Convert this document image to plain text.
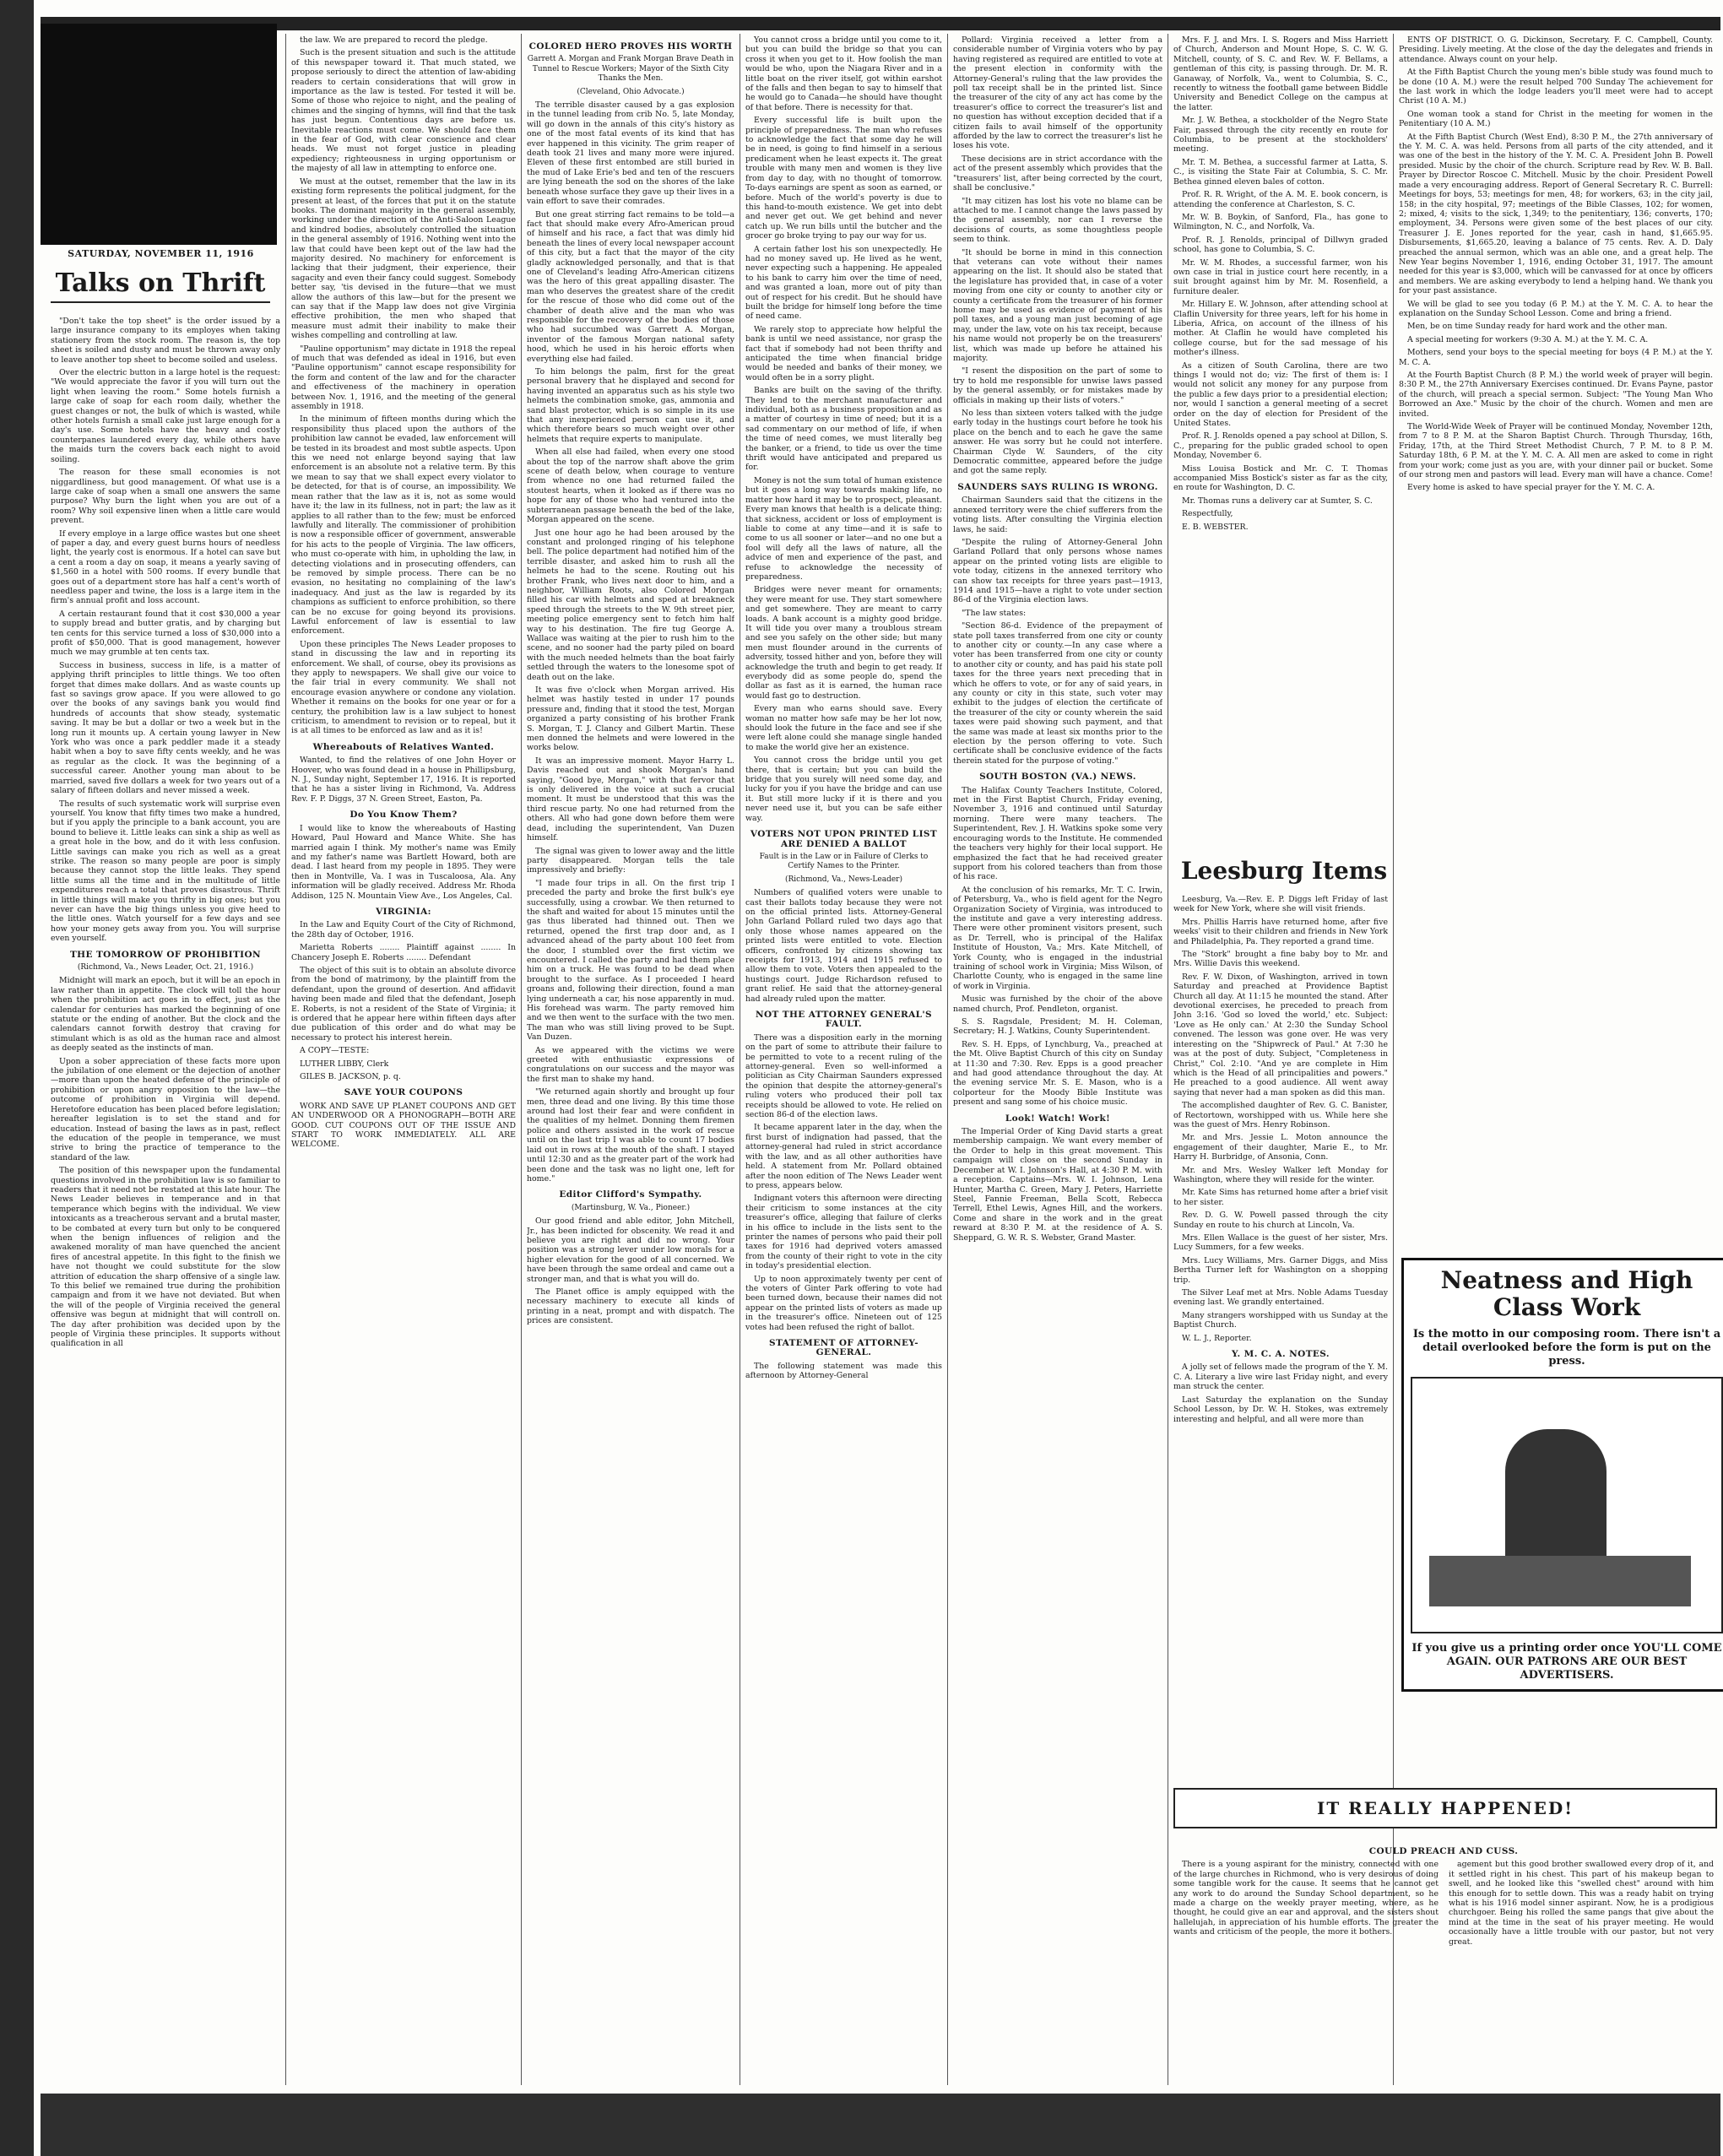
SATURDAY, NOVEMBER 11, 1916
Talks on Thrift

"Don't take the top sheet" is the order issued by a large insurance company to its employes when taking stationery from the stock room. The reason is, the top sheet is soiled and dusty and must be thrown away only to leave another top sheet to become soiled and useless.

Over the electric button in a large hotel is the request: "We would appreciate the favor if you will turn out the light when leaving the room." Some hotels furnish a large cake of soap for each room daily, whether the guest changes or not, the bulk of which is wasted, while other hotels furnish a small cake just large enough for a day's use. Some hotels have the heavy and costly counterpanes laundered every day, while others have the maids turn the covers back each night to avoid soiling.

The reason for these small economies is not niggardliness, but good management. Of what use is a large cake of soap when a small one answers the same purpose? Why burn the light when you are out of a room? Why soil expensive linen when a little care would prevent.

If every employe in a large office wastes but one sheet of paper a day, and every guest burns hours of needless light, the yearly cost is enormous. If a hotel can save but a cent a room a day on soap, it means a yearly saving of $1,560 in a hotel with 500 rooms. If every bundle that goes out of a department store has half a cent's worth of needless paper and twine, the loss is a large item in the firm's annual profit and loss account.

A certain restaurant found that it cost $30,000 a year to supply bread and butter gratis, and by charging but ten cents for this service turned a loss of $30,000 into a profit of $50,000. That is good management, however much we may grumble at ten cents tax.

Success in business, success in life, is a matter of applying thrift principles to little things. We too often forget that dimes make dollars. And as waste counts up fast so savings grow apace. If you were allowed to go over the books of any savings bank you would find hundreds of accounts that show steady, systematic saving. It may be but a dollar or two a week but in the long run it mounts up. A certain young lawyer in New York who was once a park peddler made it a steady habit when a boy to save fifty cents weekly, and he was as regular as the clock. It was the beginning of a successful career. Another young man about to be married, saved five dollars a week for two years out of a salary of fifteen dollars and never missed a week.

The results of such systematic work will surprise even yourself. You know that fifty times two make a hundred, but if you apply the principle to a bank account, you are bound to believe it. Little leaks can sink a ship as well as a great hole in the bow, and do it with less confusion. Little savings can make you rich as well as a great strike. The reason so many people are poor is simply because they cannot stop the little leaks. They spend little sums all the time and in the multitude of little expenditures reach a total that proves disastrous. Thrift in little things will make you thrifty in big ones; but you never can have the big things unless you give heed to the little ones. Watch yourself for a few days and see how your money gets away from you. You will surprise even yourself.

THE TOMORROW OF PROHIBITION
(Richmond, Va., News Leader, Oct. 21, 1916.)

Midnight will mark an epoch, but it will be an epoch in law rather than in appetite. The clock will toll the hour when the prohibition act goes in to effect, just as the calendar for centuries has marked the beginning of one statute or the ending of another. But the clock and the calendars cannot forwith destroy that craving for stimulant which is as old as the human race and almost as deeply seated as the instincts of man.

Upon a sober appreciation of these facts more upon the jubilation of one element or the dejection of another—more than upon the heated defense of the principle of prohibition or upon angry opposition to the law—the outcome of prohibition in Virginia will depend. Heretofore education has been placed before legislation; hereafter legislation is to set the stand and for education. Instead of basing the laws as in past, reflect the education of the people in temperance, we must strive to bring the practice of temperance to the standard of the law.

The position of this newspaper upon the fundamental questions involved in the prohibition law is so familiar to readers that it need not be restated at this late hour. The News Leader believes in temperance and in that temperance which begins with the individual. We view intoxicants as a treacherous servant and a brutal master, to be combated at every turn but only to be conquered when the benign influences of religion and the awakened morality of man have quenched the ancient fires of ancestral appetite. In this fight to the finish we have not thought we could substitute for the slow attrition of education the sharp offensive of a single law. To this belief we remained true during the prohibition campaign and from it we have not deviated. But when the will of the people of Virginia received the general offensive was begun at midnight that will controll on. The day after prohibition was decided upon by the people of Virginia these principles. It supports without qualification in all

the law. We are prepared to record the pledge.

Such is the present situation and such is the attitude of this newspaper toward it. That much stated, we propose seriously to direct the attention of law-abiding readers to certain considerations that will grow in importance as the law is tested. For tested it will be. Some of those who rejoice to night, and the pealing of chimes and the singing of hymns, will find that the task has just begun. Contentious days are before us. Inevitable reactions must come. We should face them in the fear of God, with clear conscience and clear heads. We must not forget justice in pleading expediency; righteousness in urging opportunism or the majesty of all law in attempting to enforce one.

We must at the outset, remember that the law in its existing form represents the political judgment, for the present at least, of the forces that put it on the statute books. The dominant majority in the general assembly, working under the direction of the Anti-Saloon League and kindred bodies, absolutely controlled the situation in the general assembly of 1916. Nothing went into the law that could have been kept out of the law had the majority desired. No machinery for enforcement is lacking that their judgment, their experience, their sagacity and even their fancy could suggest. Somebody better say, 'tis devised in the future—that we must allow the authors of this law—but for the present we can say that if the Mapp law does not give Virginia effective prohibition, the men who shaped that measure must admit their inability to make their wishes compelling and controlling at law.

"Pauline opportunism" may dictate in 1918 the repeal of much that was defended as ideal in 1916, but even "Pauline opportunism" cannot escape responsibility for the form and content of the law and for the character and effectiveness of the machinery in operation between Nov. 1, 1916, and the meeting of the general assembly in 1918.

In the minimum of fifteen months during which the responsibility thus placed upon the authors of the prohibition law cannot be evaded, law enforcement will be tested in its broadest and most subtle aspects. Upon this we need not enlarge beyond saying that law enforcement is an absolute not a relative term. By this we mean to say that we shall expect every violator to be detected, for that is of course, an impossibility. We mean rather that the law as it is, not as some would have it; the law in its fullness, not in part; the law as it applies to all rather than to the few; must be enforced lawfully and literally. The commissioner of prohibition is now a responsible officer of government, answerable for his acts to the people of Virginia. The law officers, who must co-operate with him, in upholding the law, in detecting violations and in prosecuting offenders, can be removed by simple process. There can be no evasion, no hesitating no complaining of the law's inadequacy. And just as the law is regarded by its champions as sufficient to enforce prohibition, so there can be no excuse for going beyond its provisions. Lawful enforcement of law is essential to law enforcement.

Upon these principles The News Leader proposes to stand in discussing the law and in reporting its enforcement. We shall, of course, obey its provisions as they apply to newspapers. We shall give our voice to the fair trial in every community. We shall not encourage evasion anywhere or condone any violation. Whether it remains on the books for one year or for a century, the prohibition law is a law subject to honest criticism, to amendment to revision or to repeal, but it is at all times to be enforced as law and as it is!

Whereabouts of Relatives Wanted.

Wanted, to find the relatives of one John Hoyer or Hoover, who was found dead in a house in Phillipsburg, N. J., Sunday night, September 17, 1916. It is reported that he has a sister living in Richmond, Va. Address Rev. F. P. Diggs, 37 N. Green Street, Easton, Pa.

Do You Know Them?

I would like to know the whereabouts of Hasting Howard, Paul Howard and Mance White. She has married again I think. My mother's name was Emily and my father's name was Bartlett Howard, both are dead. I last heard from my people in 1895. They were then in Montville, Va. I was in Tuscaloosa, Ala. Any information will be gladly received. Address Mr. Rhoda Addison, 125 N. Mountain View Ave., Los Angeles, Cal.

VIRGINIA:

In the Law and Equity Court of the City of Richmond, the 28th day of October, 1916.

Marietta Roberts ........ Plaintiff against ........ In Chancery Joseph E. Roberts ........ Defendant

The object of this suit is to obtain an absolute divorce from the bond of matrimony, by the plaintiff from the defendant, upon the ground of desertion. And affidavit having been made and filed that the defendant, Joseph E. Roberts, is not a resident of the State of Virginia; it is ordered that he appear here within fifteen days after due publication of this order and do what may be necessary to protect his interest herein.

A COPY—TESTE:

LUTHER LIBBY, Clerk

GILES B. JACKSON, p. q.

SAVE YOUR COUPONS

WORK AND SAVE UP PLANET COUPONS AND GET AN UNDERWOOD OR A PHONOGRAPH—BOTH ARE GOOD. CUT COUPONS OUT OF THE ISSUE AND START TO WORK IMMEDIATELY. ALL ARE WELCOME.

COLORED HERO PROVES HIS WORTH
Garrett A. Morgan and Frank Morgan Brave Death in Tunnel to Rescue Workers; Mayor of the Sixth City Thanks the Men.
(Cleveland, Ohio Advocate.)

The terrible disaster caused by a gas explosion in the tunnel leading from crib No. 5, late Monday, will go down in the annals of this city's history as one of the most fatal events of its kind that has ever happened in this vicinity. The grim reaper of death took 21 lives and many more were injured. Eleven of these first entombed are still buried in the mud of Lake Erie's bed and ten of the rescuers are lying beneath the sod on the shores of the lake beneath whose surface they gave up their lives in a vain effort to save their comrades.

But one great stirring fact remains to be told—a fact that should make every Afro-American proud of himself and his race, a fact that was dimly hid beneath the lines of every local newspaper account of this city, but a fact that the mayor of the city gladly acknowledged personally, and that is that one of Cleveland's leading Afro-American citizens was the hero of this great appalling disaster. The man who deserves the greatest share of the credit for the rescue of those who did come out of the chamber of death alive and the man who was responsible for the recovery of the bodies of those who had succumbed was Garrett A. Morgan, inventor of the famous Morgan national safety hood, which he used in his heroic efforts when everything else had failed.

To him belongs the palm, first for the great personal bravery that he displayed and second for having invented an apparatus such as his style two helmets the combination smoke, gas, ammonia and sand blast protector, which is so simple in its use that any inexperienced person can use it, and which therefore bears so much weight over other helmets that require experts to manipulate.

When all else had failed, when every one stood about the top of the narrow shaft above the grim scene of death below, when courage to venture from whence no one had returned failed the stoutest hearts, when it looked as if there was no hope for any of those who had ventured into the subterranean passage beneath the bed of the lake, Morgan appeared on the scene.

Just one hour ago he had been aroused by the constant and prolonged ringing of his telephone bell. The police department had notified him of the terrible disaster, and asked him to rush all the helmets he had to the scene. Routing out his brother Frank, who lives next door to him, and a neighbor, William Roots, also Colored Morgan filled his car with helmets and sped at breakneck speed through the streets to the W. 9th street pier, meeting police emergency sent to fetch him half way to his destination. The fire tug George A. Wallace was waiting at the pier to rush him to the scene, and no sooner had the party piled on board with the much needed helmets than the boat fairly settled through the waters to the lonesome spot of death out on the lake.

It was five o'clock when Morgan arrived. His helmet was hastily tested in under 17 pounds pressure and, finding that it stood the test, Morgan organized a party consisting of his brother Frank S. Morgan, T. J. Clancy and Gilbert Martin. These men donned the helmets and were lowered in the works below.

It was an impressive moment. Mayor Harry L. Davis reached out and shook Morgan's hand saying, "Good bye, Morgan," with that fervor that is only delivered in the voice at such a crucial moment. It must be understood that this was the third rescue party. No one had returned from the others. All who had gone down before them were dead, including the superintendent, Van Duzen himself.

The signal was given to lower away and the little party disappeared. Morgan tells the tale impressively and briefly:

"I made four trips in all. On the first trip I preceded the party and broke the first bulk's eye successfully, using a crowbar. We then returned to the shaft and waited for about 15 minutes until the gas thus liberated had thinned out. Then we returned, opened the first trap door and, as I advanced ahead of the party about 100 feet from the door, I stumbled over the first victim we encountered. I called the party and had them place him on a truck. He was found to be dead when brought to the surface. As I proceeded I heard groans and, following their direction, found a man lying underneath a car, his nose apparently in mud. His forehead was warm. The party removed him and we then went to the surface with the two men. The man who was still living proved to be Supt. Van Duzen.

As we appeared with the victims we were greeted with enthusiastic expressions of congratulations on our success and the mayor was the first man to shake my hand.

"We returned again shortly and brought up four men, three dead and one living. By this time those around had lost their fear and were confident in the qualities of my helmet. Donning them firemen police and others assisted in the work of rescue until on the last trip I was able to count 17 bodies laid out in rows at the mouth of the shaft. I stayed until 12:30 and as the greater part of the work had been done and the task was no light one, left for home."

Editor Clifford's Sympathy.
(Martinsburg, W. Va., Pioneer.)

Our good friend and able editor, John Mitchell, Jr., has been indicted for obscenity. We read it and believe you are right and did no wrong. Your position was a strong lever under low morals for a higher elevation for the good of all concerned. We have been through the same ordeal and came out a stronger man, and that is what you will do.

The Planet office is amply equipped with the necessary machinery to execute all kinds of printing in a neat, prompt and with dispatch. The prices are consistent.

You cannot cross a bridge until you come to it, but you can build the bridge so that you can cross it when you get to it. How foolish the man would be who, upon the Niagara River and in a little boat on the river itself, got within earshot of the falls and then began to say to himself that he would go to Canada—he should have thought of that before. There is necessity for that.

Every successful life is built upon the principle of preparedness. The man who refuses to acknowledge the fact that some day he will be in need, is going to find himself in a serious predicament when he least expects it. The great trouble with many men and women is they live from day to day, with no thought of tomorrow. To-days earnings are spent as soon as earned, or before. Much of the world's poverty is due to this hand-to-mouth existence. We get into debt and never get out. We get behind and never catch up. We run bills until the butcher and the grocer go broke trying to pay our way for us.

A certain father lost his son unexpectedly. He had no money saved up. He lived as he went, never expecting such a happening. He appealed to his bank to carry him over the time of need, and was granted a loan, more out of pity than out of respect for his credit. But he should have built the bridge for himself long before the time of need came.

We rarely stop to appreciate how helpful the bank is until we need assistance, nor grasp the fact that if somebody had not been thrifty and anticipated the time when financial bridge would be needed and banks of their money, we would often be in a sorry plight.

Banks are built on the saving of the thrifty. They lend to the merchant manufacturer and individual, both as a business proposition and as a matter of courtesy in time of need; but it is a sad commentary on our method of life, if when the time of need comes, we must literally beg the banker, or a friend, to tide us over the time thrift would have anticipated and prepared us for.

Money is not the sum total of human existence but it goes a long way towards making life, no matter how hard it may be to prospect, pleasant. Every man knows that health is a delicate thing; that sickness, accident or loss of employment is liable to come at any time—and it is safe to come to us all sooner or later—and no one but a fool will defy all the laws of nature, all the advice of men and experience of the past, and refuse to acknowledge the necessity of preparedness.

Bridges were never meant for ornaments; they were meant for use. They start somewhere and get somewhere. They are meant to carry loads. A bank account is a mighty good bridge. It will tide you over many a troublous stream and see you safely on the other side; but many men must flounder around in the currents of adversity, tossed hither and yon, before they will acknowledge the truth and begin to get ready. If everybody did as some people do, spend the dollar as fast as it is earned, the human race would fast go to destruction.

Every man who earns should save. Every woman no matter how safe may be her lot now, should look the future in the face and see if she were left alone could she manage single handed to make the world give her an existence.

You cannot cross the bridge until you get there, that is certain; but you can build the bridge that you surely will need some day, and lucky for you if you have the bridge and can use it. But still more lucky if it is there and you never need use it, but you can be safe either way.

VOTERS NOT UPON PRINTED LIST ARE DENIED A BALLOT
Fault is in the Law or in Failure of Clerks to Certify Names to the Printer.
(Richmond, Va., News-Leader)

Numbers of qualified voters were unable to cast their ballots today because they were not on the official printed lists. Attorney-General John Garland Pollard ruled two days ago that only those whose names appeared on the printed lists were entitled to vote. Election officers, confronted by citizens showing tax receipts for 1913, 1914 and 1915 refused to allow them to vote. Voters then appealed to the hustings court. Judge Richardson refused to grant relief. He said that the attorney-general had already ruled upon the matter.

NOT THE ATTORNEY GENERAL'S FAULT.

There was a disposition early in the morning on the part of some to attribute their failure to be permitted to vote to a recent ruling of the attorney-general. Even so well-informed a politician as City Chairman Saunders expressed the opinion that despite the attorney-general's ruling voters who produced their poll tax receipts should be allowed to vote. He relied on section 86-d of the election laws.

It became apparent later in the day, when the first burst of indignation had passed, that the attorney-general had ruled in strict accordance with the law, and as all other authorities have held. A statement from Mr. Pollard obtained after the noon edition of The News Leader went to press, appears below.

Indignant voters this afternoon were directing their criticism to some instances at the city treasurer's office, alleging that failure of clerks in his office to include in the lists sent to the printer the names of persons who paid their poll taxes for 1916 had deprived voters amassed from the county of their right to vote in the city in today's presidential election.

Up to noon approximately twenty per cent of the voters of Ginter Park offering to vote had been turned down, because their names did not appear on the printed lists of voters as made up in the treasurer's office. Nineteen out of 125 votes had been refused the right of ballot.

STATEMENT OF ATTORNEY-GENERAL.

The following statement was made this afternoon by Attorney-General

Pollard: Virginia received a letter from a considerable number of Virginia voters who by pay having registered as required are entitled to vote at the present election in conformity with the Attorney-General's ruling that the law provides the poll tax receipt shall be in the printed list. Since the treasurer of the city of any act has come by the treasurer's office to correct the treasurer's list and no question has without exception decided that if a citizen fails to avail himself of the opportunity afforded by the law to correct the treasurer's list he loses his vote.

These decisions are in strict accordance with the act of the present assembly which provides that the "treasurers' list, after being corrected by the court, shall be conclusive."

"It may citizen has lost his vote no blame can be attached to me. I cannot change the laws passed by the general assembly, nor can I reverse the decisions of courts, as some thoughtless people seem to think.

"It should be borne in mind in this connection that veterans can vote without their names appearing on the list. It should also be stated that the legislature has provided that, in case of a voter moving from one city or county to another city or county a certificate from the treasurer of his former home may be used as evidence of payment of his poll taxes, and a young man just becoming of age may, under the law, vote on his tax receipt, because his name would not properly be on the treasurers' list, which was made up before he attained his majority.

"I resent the disposition on the part of some to try to hold me responsible for unwise laws passed by the general assembly, or for mistakes made by officials in making up their lists of voters."

No less than sixteen voters talked with the judge early today in the hustings court before he took his place on the bench and to each he gave the same answer. He was sorry but he could not interfere. Chairman Clyde W. Saunders, of the city Democratic committee, appeared before the judge and got the same reply.

SAUNDERS SAYS RULING IS WRONG.

Chairman Saunders said that the citizens in the annexed territory were the chief sufferers from the voting lists. After consulting the Virginia election laws, he said:

"Despite the ruling of Attorney-General John Garland Pollard that only persons whose names appear on the printed voting lists are eligible to vote today, citizens in the annexed territory who can show tax receipts for three years past—1913, 1914 and 1915—have a right to vote under section 86-d of the Virginia election laws.

"The law states:

"Section 86-d. Evidence of the prepayment of state poll taxes transferred from one city or county to another city or county.—In any case where a voter has been transferred from one city or county to another city or county, and has paid his state poll taxes for the three years next preceding that in which he offers to vote, or for any of said years, in any county or city in this state, such voter may exhibit to the judges of election the certificate of the treasurer of the city or county wherein the said taxes were paid showing such payment, and that the same was made at least six months prior to the election by the person offering to vote. Such certificate shall be conclusive evidence of the facts therein stated for the purpose of voting."

SOUTH BOSTON (VA.) NEWS.

The Halifax County Teachers Institute, Colored, met in the First Baptist Church, Friday evening, November 3, 1916 and continued until Saturday morning. There were many teachers. The Superintendent, Rev. J. H. Watkins spoke some very encouraging words to the Institute. He commended the teachers very highly for their local support. He emphasized the fact that he had received greater support from his colored teachers than from those of his race.

At the conclusion of his remarks, Mr. T. C. Irwin, of Petersburg, Va., who is field agent for the Negro Organization Society of Virginia, was introduced to the institute and gave a very interesting address. There were other prominent visitors present, such as Dr. Terrell, who is principal of the Halifax Institute of Houston, Va.; Mrs. Kate Mitchell, of York County, who is engaged in the industrial training of school work in Virginia; Miss Wilson, of Charlotte County, who is engaged in the same line of work in Virginia.

Music was furnished by the choir of the above named church, Prof. Pendleton, organist.

S. S. Ragsdale, President; M. H. Coleman, Secretary; H. J. Watkins, County Superintendent.

Rev. S. H. Epps, of Lynchburg, Va., preached at the Mt. Olive Baptist Church of this city on Sunday at 11:30 and 7:30. Rev. Epps is a good preacher and had good attendance throughout the day. At the evening service Mr. S. E. Mason, who is a colporteur for the Moody Bible Institute was present and sang some of his choice music.

Look! Watch! Work!

The Imperial Order of King David starts a great membership campaign. We want every member of the Order to help in this great movement. This campaign will close on the second Sunday in December at W. I. Johnson's Hall, at 4:30 P. M. with a reception. Captains—Mrs. W. I. Johnson, Lena Hunter, Martha C. Green, Mary J. Peters, Harriette Steel, Fannie Freeman, Bella Scott, Rebecca Terrell, Ethel Lewis, Agnes Hill, and the workers. Come and share in the work and in the great reward at 8:30 P. M. at the residence of A. S. Sheppard, G. W. R. S. Webster, Grand Master.

Mrs. F. J. and Mrs. I. S. Rogers and Miss Harriett of Church, Anderson and Mount Hope, S. C. W. G. Mitchell, county, of S. C. and Rev. W. F. Bellams, a gentleman of this city, is passing through. Dr. M. R. Ganaway, of Norfolk, Va., went to Columbia, S. C., recently to witness the football game between Biddle University and Benedict College on the campus at the latter.

Mr. J. W. Bethea, a stockholder of the Negro State Fair, passed through the city recently en route for Columbia, to be present at the stockholders' meeting.

Mr. T. M. Bethea, a successful farmer at Latta, S. C., is visiting the State Fair at Columbia, S. C. Mr. Bethea ginned eleven bales of cotton.

Prof. R. R. Wright, of the A. M. E. book concern, is attending the conference at Charleston, S. C.

Mr. W. B. Boykin, of Sanford, Fla., has gone to Wilmington, N. C., and Norfolk, Va.

Prof. R. J. Renolds, principal of Dillwyn graded school, has gone to Columbia, S. C.

Mr. W. M. Rhodes, a successful farmer, won his own case in trial in justice court here recently, in a suit brought against him by Mr. M. Rosenfield, a furniture dealer.

Mr. Hillary E. W. Johnson, after attending school at Claflin University for three years, left for his home in Liberia, Africa, on account of the illness of his mother. At Claflin he would have completed his college course, but for the sad message of his mother's illness.

As a citizen of South Carolina, there are two things I would not do; viz: The first of them is: I would not solicit any money for any purpose from the public a few days prior to a presidential election; nor, would I sanction a general meeting of a secret order on the day of election for President of the United States.

Prof. R. J. Renolds opened a pay school at Dillon, S. C., preparing for the public graded school to open Monday, November 6.

Miss Louisa Bostick and Mr. C. T. Thomas accompanied Miss Bostick's sister as far as the city, en route for Washington, D. C.

Mr. Thomas runs a delivery car at Sumter, S. C.

Respectfully,

E. B. WEBSTER.

Leesburg Items

Leesburg, Va.—Rev. E. P. Diggs left Friday of last week for New York, where she will visit friends.

Mrs. Phillis Harris have returned home, after five weeks' visit to their children and friends in New York and Philadelphia, Pa. They reported a grand time.

The "Stork" brought a fine baby boy to Mr. and Mrs. Willie Davis this weekend.

Rev. F. W. Dixon, of Washington, arrived in town Saturday and preached at Providence Baptist Church all day. At 11:15 he mounted the stand. After devotional exercises, he preceded to preach from John 3:16. 'God so loved the world,' etc. Subject: 'Love as He only can.' At 2:30 the Sunday School convened. The lesson was gone over. He was very interesting on the "Shipwreck of Paul." At 7:30 he was at the post of duty. Subject, "Completeness in Christ," Col. 2:10. "And ye are complete in Him which is the Head of all principalities and powers." He preached to a good audience. All went away saying that never had a man spoken as did this man.

The accomplished daughter of Rev. G. C. Banister, of Rectortown, worshipped with us. While here she was the guest of Mrs. Henry Robinson.

Mr. and Mrs. Jessie L. Moton announce the engagement of their daughter, Marie E., to Mr. Harry H. Burbridge, of Ansonia, Conn.

Mr. and Mrs. Wesley Walker left Monday for Washington, where they will reside for the winter.

Mr. Kate Sims has returned home after a brief visit to her sister.

Rev. D. G. W. Powell passed through the city Sunday en route to his church at Lincoln, Va.

Mrs. Ellen Wallace is the guest of her sister, Mrs. Lucy Summers, for a few weeks.

Mrs. Lucy Williams, Mrs. Garner Diggs, and Miss Bertha Turner left for Washington on a shopping trip.

The Silver Leaf met at Mrs. Noble Adams Tuesday evening last. We grandly entertained.

Many strangers worshipped with us Sunday at the Baptist Church.

W. L. J., Reporter.

Y. M. C. A. NOTES.

A jolly set of fellows made the program of the Y. M. C. A. Literary a live wire last Friday night, and every man struck the center.

Last Saturday the explanation on the Sunday School Lesson, by Dr. W. H. Stokes, was extremely interesting and helpful, and all were more than

ENTS OF DISTRICT. O. G. Dickinson, Secretary. F. C. Campbell, County. Presiding. Lively meeting. At the close of the day the delegates and friends in attendance. Always count on your help.

At the Fifth Baptist Church the young men's bible study was found much to be done (10 A. M.) were the result helped 700 Sunday The achievement for the last work in which the lodge leaders you'll meet were had to accept Christ (10 A. M.)

One woman took a stand for Christ in the meeting for women in the Penitentiary (10 A. M.)

At the Fifth Baptist Church (West End), 8:30 P. M., the 27th anniversary of the Y. M. C. A. was held. Persons from all parts of the city attended, and it was one of the best in the history of the Y. M. C. A. President John B. Powell presided. Music by the choir of the church. Scripture read by Rev. W. B. Ball. Prayer by Director Roscoe C. Mitchell. Music by the choir. President Powell made a very encouraging address. Report of General Secretary R. C. Burrell: Meetings for boys, 53; meetings for men, 48; for workers, 63; in the city jail, 158; in the city hospital, 97; meetings of the Bible Classes, 102; for women, 2; mixed, 4; visits to the sick, 1,349; to the penitentiary, 136; converts, 170; employment, 34. Persons were given some of the best places of our city. Treasurer J. E. Jones reported for the year, cash in hand, $1,665.95. Disbursements, $1,665.20, leaving a balance of 75 cents. Rev. A. D. Daly preached the annual sermon, which was an able one, and a great help. The New Year begins November 1, 1916, ending October 31, 1917. The amount needed for this year is $3,000, which will be canvassed for at once by officers and members. We are asking everybody to lend a helping hand. We thank you for your past assistance.

We will be glad to see you today (6 P. M.) at the Y. M. C. A. to hear the explanation on the Sunday School Lesson. Come and bring a friend.

Men, be on time Sunday ready for hard work and the other man.

A special meeting for workers (9:30 A. M.) at the Y. M. C. A.

Mothers, send your boys to the special meeting for boys (4 P. M.) at the Y. M. C. A.

At the Fourth Baptist Church (8 P. M.) the world week of prayer will begin. 8:30 P. M., the 27th Anniversary Exercises continued. Dr. Evans Payne, pastor of the church, will preach a special sermon. Subject: "The Young Man Who Borrowed an Axe." Music by the choir of the church. Women and men are invited.

The World-Wide Week of Prayer will be continued Monday, November 12th, from 7 to 8 P. M. at the Sharon Baptist Church. Through Thursday, 16th, Friday, 17th, at the Third Street Methodist Church, 7 P. M. to 8 P. M. Saturday 18th, 6 P. M. at the Y. M. C. A. All men are asked to come in right from your work; come just as you are, with your dinner pail or bucket. Some of our strong men and pastors will lead. Every man will have a chance. Come!

Every home is asked to have special prayer for the Y. M. C. A.

Neatness and High Class Work
Is the motto in our composing room. There isn't a detail overlooked before the form is put on the press.
If you give us a printing order once YOU'LL COME AGAIN. OUR PATRONS ARE OUR BEST ADVERTISERS.
IT REALLY HAPPENED!
COULD PREACH AND CUSS.

There is a young aspirant for the ministry, connected with one of the large churches in Richmond, who is very desirous of doing some tangible work for the cause. It seems that he cannot get any work to do around the Sunday School department, so he made a charge on the weekly prayer meeting, where, as he thought, he could give an ear and approval, and the sisters shout hallelujah, in appreciation of his humble efforts. The greater the wants and criticism of the people, the more it bothers.

agement but this good brother swallowed every drop of it, and it settled right in his chest. This part of his makeup began to swell, and he looked like this "swelled chest" around with him this enough for to settle down. This was a ready habit on trying what is his 1916 model sinner aspirant. Now, he is a prodigious churchgoer. Being his rolled the same pangs that give about the mind at the time in the seat of his prayer meeting. He would occasionally have a little trouble with our pastor, but not very great.
